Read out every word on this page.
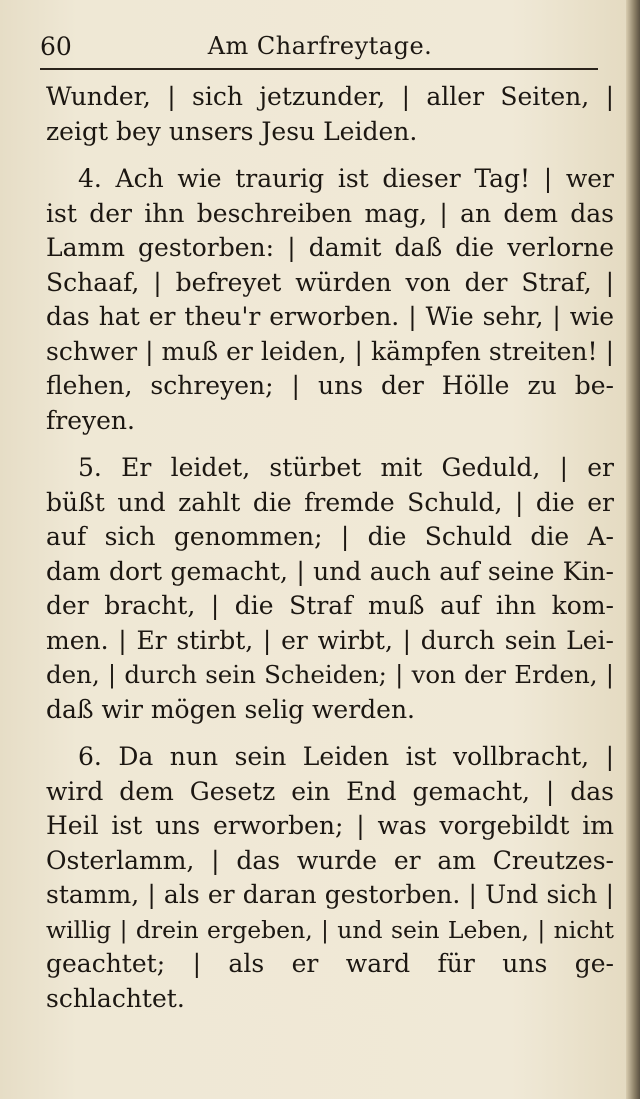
60	Am Charfreytage.
Wunder, | sich jetzunder, | aller Seiten, |
zeigt bey unsers Jesu Leiden.
4. Ach wie traurig ist dieser Tag! | wer
ist der ihn beschreiben mag, | an dem das
Lamm gestorben: | damit daß die verlorne
Schaaf, | befreyet würden von der Straf, |
das hat er theu'r erworben. | Wie sehr, | wie
schwer | muß er leiden, | kämpfen streiten! |
flehen, schreyen; | uns der Hölle zu be-
freyen.
5. Er leidet, stürbet mit Geduld, | er
büßt und zahlt die fremde Schuld, | die er
auf sich genommen; | die Schuld die A-
dam dort gemacht, | und auch auf seine Kin-
der bracht, | die Straf muß auf ihn kom-
men. | Er stirbt, | er wirbt, | durch sein Lei-
den, | durch sein Scheiden; | von der Erden, |
daß wir mögen selig werden.
6. Da nun sein Leiden ist vollbracht, |
wird dem Gesetz ein End gemacht, | das
Heil ist uns erworben; | was vorgebildt im
Osterlamm, | das wurde er am Creutzes-
stamm, | als er daran gestorben. | Und sich |
willig | drein ergeben, | und sein Leben, | nicht
geachtet; | als er ward für uns ge-
schlachtet.
